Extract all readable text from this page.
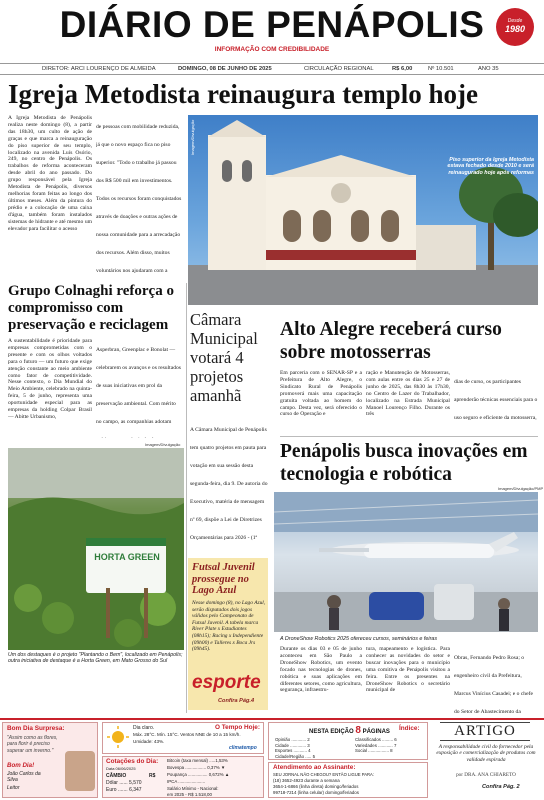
DIÁRIO DE PENÁPOLIS
INFORMAÇÃO COM CREDIBILIDADE
Desde
1980
DIRETOR: ARCI LOURENÇO DE ALMEIDA	DOMINGO, 08 DE JUNHO DE 2025	CIRCULAÇÃO REGIONAL	R$ 6,00	Nº 10.501	ANO 35
Igreja Metodista reinaugura templo hoje
A Igreja Metodista de Penápolis realiza neste domingo (8), a partir das 18h30, um culto de ação de graças e que marca a reinauguração do piso superior de seu templo, localizado na avenida Luís Osório, 249, no centro de Penápolis. Os trabalhos de reforma aconteceram desde abril do ano passado. Do grupo responsável pela Igreja Metodista de Penápolis, diversos melhorias foram feitas ao longo dos últimos meses. Além da pintura do prédio e a colocação de uma caixa d'água, também foram instalados sistemas de hidrante e até mesmo um elevador para facilitar o acesso
de pessoas com mobilidade reduzida, já que o novo espaço fica no piso superior. "Todo o trabalho já passou dos R$ 500 mil em investimentos. Todos os recursos foram conquistados através de doações e outras ações de nossa comunidade para a arrecadação dos recursos. Além disso, muitos voluntários nos ajudaram com a
Imagem/Divulgação
Piso superior da Igreja Metodista estava fechado desde 2010 e será reinaugurado hoje após reformas
Grupo Colnaghi reforça o compromisso com preservação e reciclagem
A sustentabilidade é prioridade para empresas comprometidas com o presente e com os olhos voltados para o futuro — um futuro que exige atenção constante ao meio ambiente como fator de competitividade. Nesse contexto, o Dia Mundial do Meio Ambiente, celebrado na quinta-feira, 5 de junho, representa uma oportunidade especial para as empresas da holding Colpar Brasil — Abitte Urbanismo,
Asperbran, Greenplac e Bonolat — celebrarem os avanços e os resultados de suas iniciativas em prol da preservação ambiental. Com mérito no campo, as companhias adotam
Imagem/Divulgação
HORTA GREEN
Um dos destaques é o projeto "Plantando o Bem", localizado em Penápolis; outra iniciativa de destaque é a Horta Green, em Mato Grosso do Sul
Câmara Municipal votará 4 projetos amanhã
A Câmara Municipal de Penápolis tem quatro projetos em pauta para votação em sua sessão desta segunda-feira, dia 9. De autoria do Executivo, matéria de mensagem nº 69, dispõe a Lei de Diretrizes Orçamentárias para 2026 - (1ª
Futsal Juvenil prossegue no Lago Azul
Nesse domingo (8), no Lago Azul, serão disputados dois jogos válidos pelo Campeonato de Futsal Juvenil. A tabela marca River Plate x Estudiantes (08h15); Racing x Independiente (09h00) e Talleres x Boca Jrs (09h45).
esporte
Confira Pág.4
Alto Alegre receberá curso sobre motosserras
Em parceria com o SENAR-SP e a Prefeitura de Alto Alegre, o Sindicato Rural de Penápolis promoverá mais uma capacitação gratuita voltada ao homem do campo. Desta vez, será oferecido o curso de Operação e
ração e Manutenção de Motosserras, com aulas entre os dias 25 e 27 de junho de 2025, das 8h30 às 17h30, no Centro de Lazer do Trabalhador, localizado na Estrada Municipal Manoel Lourenço Filho. Durante os três
dias de curso, os participantes aprenderão técnicas essenciais para o uso seguro e eficiente da motosserra,
Penápolis busca inovações em tecnologia e robótica
Imagem/Divulgação/PMP
A DroneShow Robotics 2025 ofereceu cursos, seminários e feiras
Durante os dias 03 e 05 de junho aconteceu em São Paulo a DroneShow Robotics, um evento focado nas tecnologias de drones, robótica e suas aplicações em diferentes setores, como agricultura, segurança, infraestru-
tura, mapeamento e logística. Para conhecer as novidades do setor e buscar inovações para o município uma comitiva de Penápolis visitou a feira. Entre os presentes na DroneShow Robotics o secretário municipal de
Obras, Fernando Pedro Rosa; o engenheiro civil da Prefeitura, Marcus Vinícius Casadei; e o chefe do Setor de Abastecimento da
Bom Dia Surpresa:
"Assim como as flores, para florir é preciso superar um inverno."
Bom Dia!
João Carlos da Silva
Leitor
Dia claro.
Máx. 28°C. Mín. 15°C. Ventos NNE de 10 a 15 km/h.
Umidade: 43%.
O Tempo Hoje:
climatempo
Cotações do Dia:
Data 06/06/2025
CÂMBIO	R$
Dólar ...... 5,570
Euro ....... 6,347
Bitcoin (taxa mensal) .....1,53%
Bovespa ................. 0,37% ▼
Poupança ................ 0,672% ▲
IPCA ......................
Salário Mínimo - Nacional:
em 2025 - R$ 1.518,00
NESTA EDIÇÃO 8 PÁGINAS Índice:
Opinião ............ 2
Cidade ............. 3
Esportes ........... 4
Cidade/Região ..... 5
Classificados ......... 6
Variedades ............ 7
Social ................. 8
Atendimento ao Assinante:
SEU JORNAL NÃO CHEGOU? ENTÃO LIGUE PARA:
(18) 3652-4923 durante a semana
3654-1-6866 (linha direta) domingo/feriados
99718-7214 (linha celular) domingo/feriados
ARTIGO
A responsabilidade civil do fornecedor pela exposição e comercialização de produtos com validade expirada
por DRA. ANA CHIARETO
Confira Pág. 2
